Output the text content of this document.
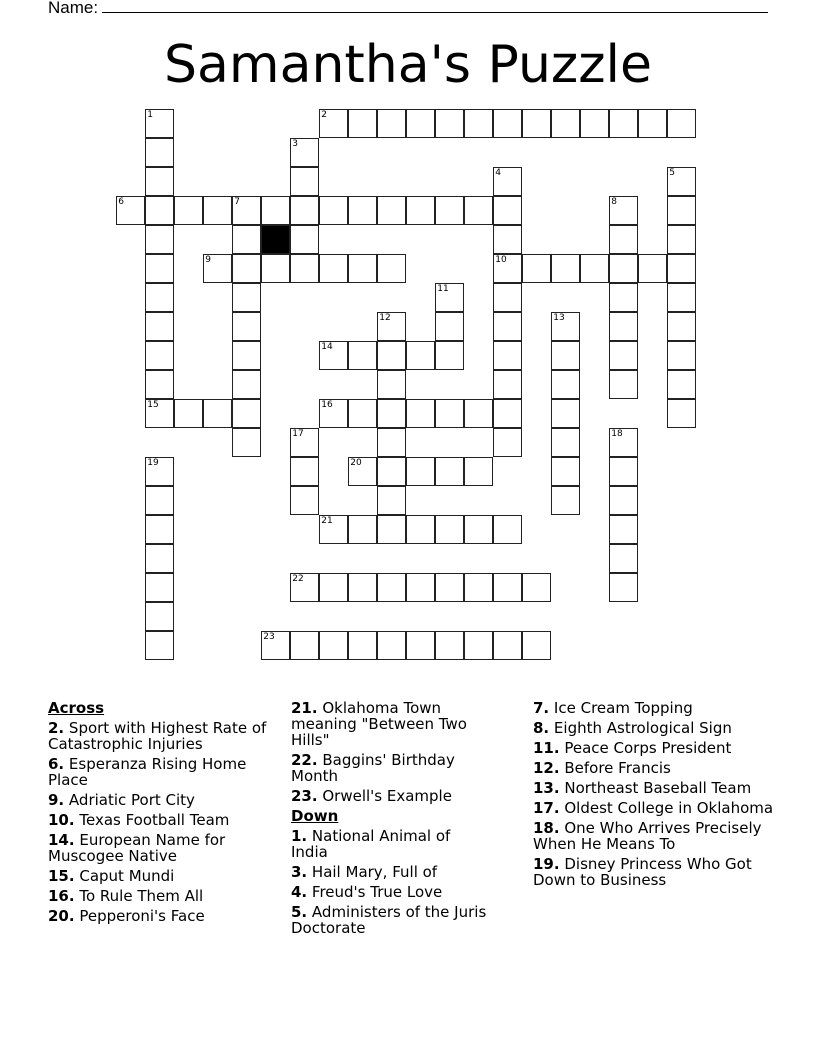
Name:
Samantha's Puzzle
1
15
2
3
4
10
5
6	7	8
9
11
12	13
14
16
17	18
19	20
21
22
23
Across
2. Sport with Highest Rate of Catastrophic Injuries
6. Esperanza Rising Home Place
9. Adriatic Port City
10. Texas Football Team
14. European Name for Muscogee Native
15. Caput Mundi
16. To Rule Them All
20. Pepperoni's Face
21. Oklahoma Town meaning "Between Two Hills"
22. Baggins' Birthday Month
23. Orwell's Example
Down
1. National Animal of India
3. Hail Mary, Full of
4. Freud's True Love
5. Administers of the Juris Doctorate
7. Ice Cream Topping
8. Eighth Astrological Sign
11. Peace Corps President
12. Before Francis
13. Northeast Baseball Team
17. Oldest College in Oklahoma
18. One Who Arrives Precisely When He Means To
19. Disney Princess Who Got Down to Business
